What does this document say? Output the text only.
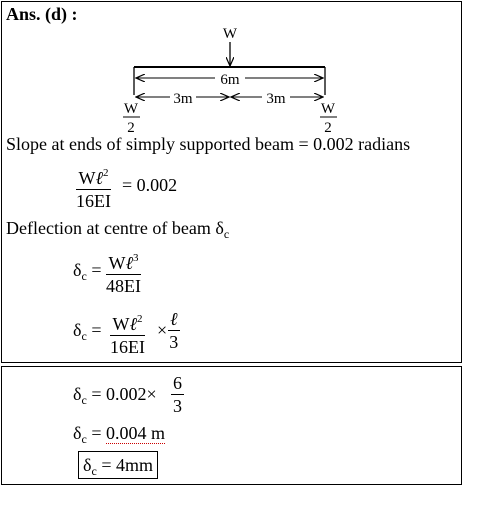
Ans. (d) :
W
6m
3m	3m
W
2
W
2
Slope at ends of simply supported beam = 0.002 radians
Wℓ$^2$
16EI
= 0.002
Deflection at centre of beam $\delta_c$
$\delta_c$ = Wℓ$^3$
48EI
$\delta_c$ = Wℓ$^2$
16EI
×
ℓ
3
$\delta_c = 0.002\times \frac{6}{3}$
$\delta_c = 0.004$ m
$\delta_c = 4mm$
